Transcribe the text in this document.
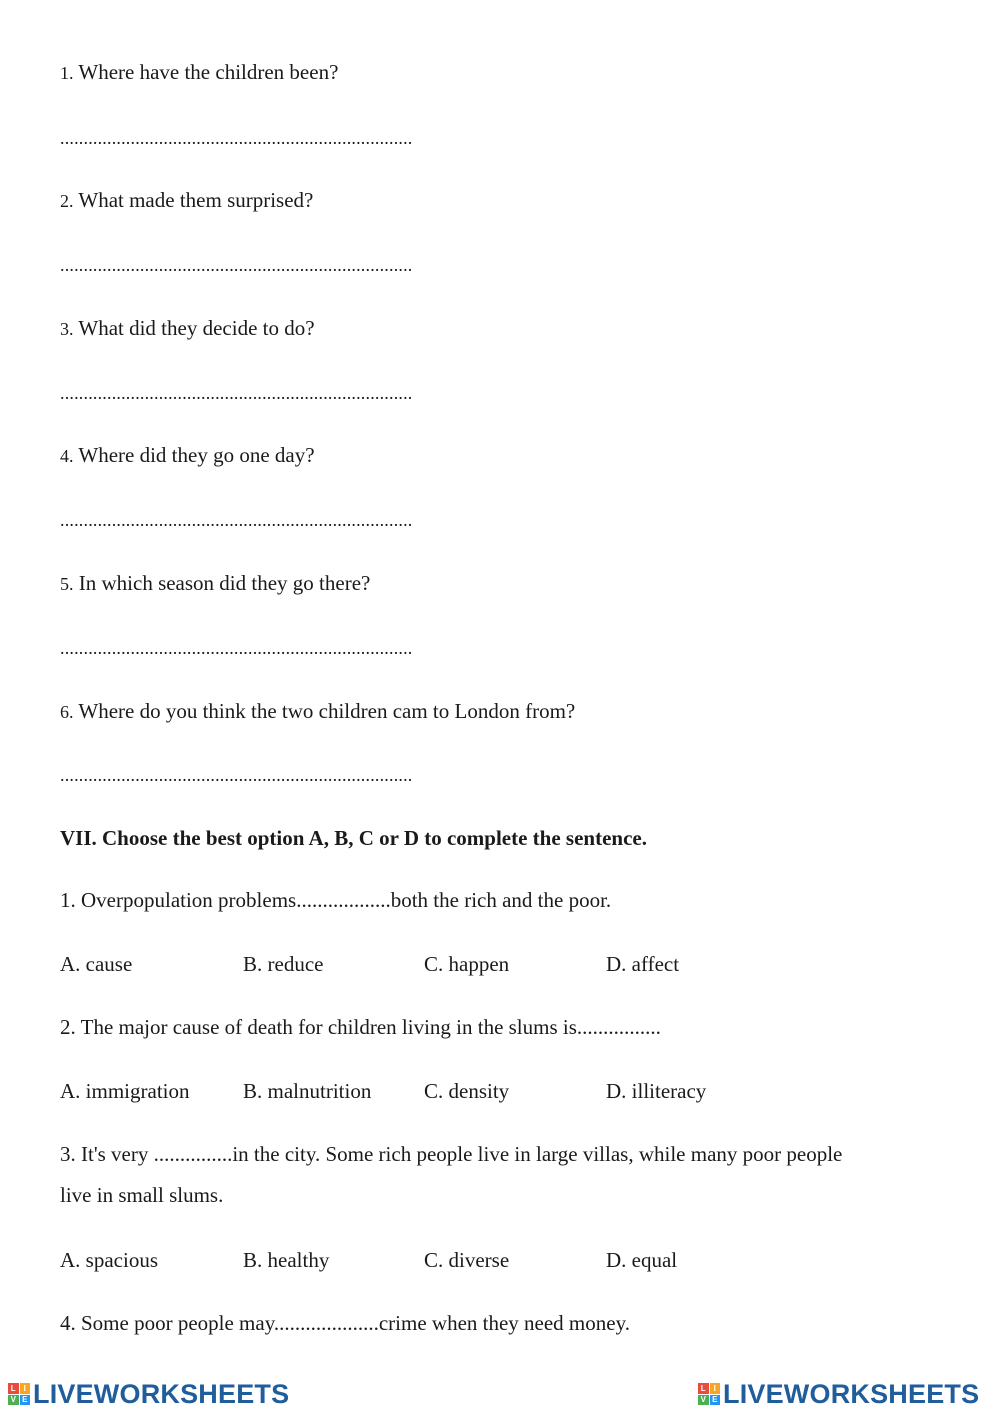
1. Where have the children been?
...........................................................................
2. What made them surprised?
...........................................................................
3. What did they decide to do?
...........................................................................
4. Where did they go one day?
...........................................................................
5. In which season did they go there?
...........................................................................
6. Where do you think the two children cam to London from?
...........................................................................
VII. Choose the best option A, B, C or D to complete the sentence.
1. Overpopulation problems..................both the rich and the poor.
A. cause	B. reduce	C. happen	D. affect
2. The major cause of death for children living in the slums is................
A. immigration	B. malnutrition	C. density	D. illiteracy
3. It's very ...............in the city. Some rich people live in large villas, while many poor people
live in small slums.
A. spacious	B. healthy	C. diverse	D. equal
4. Some poor people may....................crime when they need money.
L I
V E LIVEWORKSHEETS	L I
V E LIVEWORKSHEETS
